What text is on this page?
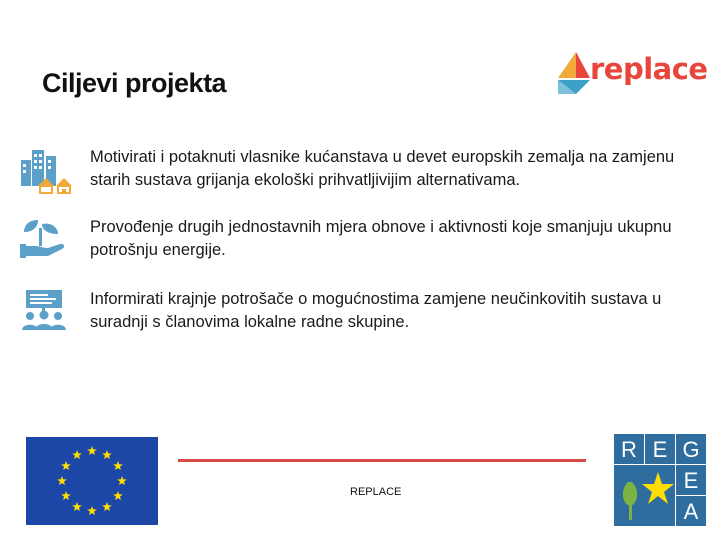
Ciljevi projekta	replace
Motivirati i potaknuti vlasnike kućanstava u devet europskih zemalja na zamjenu starih sustava grijanja ekološki prihvatljivijim alternativama.
Provođenje drugih jednostavnih mjera obnove i aktivnosti koje smanjuju ukupnu potrošnju energije.
Informirati krajnje potrošače o mogućnostima zamjene neučinkovitih sustava u suradnji s članovima lokalne radne skupine.
REPLACE
R E G
E
A
